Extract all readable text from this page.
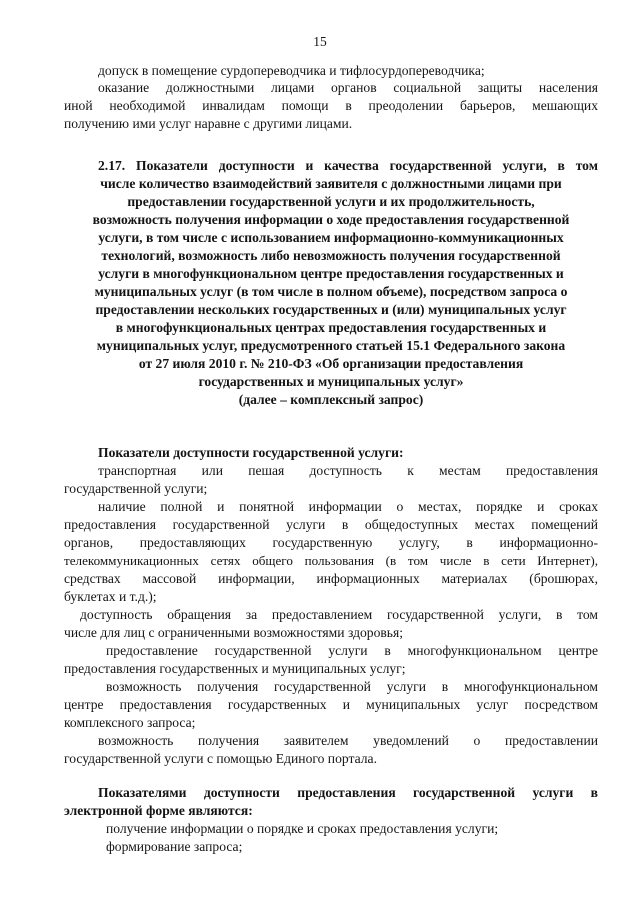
15
допуск в помещение сурдопереводчика и тифлосурдопереводчика;
оказание должностными лицами органов социальной защиты населения
иной необходимой инвалидам помощи в преодолении барьеров, мешающих
получению ими услуг наравне с другими лицами.
2.17. Показатели доступности и качества государственной услуги, в том
числе количество взаимодействий заявителя с должностными лицами при
предоставлении государственной услуги и их продолжительность,
возможность получения информации о ходе предоставления государственной
услуги, в том числе с использованием информационно-коммуникационных
технологий, возможность либо невозможность получения государственной
услуги в многофункциональном центре предоставления государственных и
муниципальных услуг (в том числе в полном объеме), посредством запроса о
предоставлении нескольких государственных и (или) муниципальных услуг
в многофункциональных центрах предоставления государственных и
муниципальных услуг, предусмотренного статьей 15.1 Федерального закона
от 27 июля 2010 г. № 210-ФЗ «Об организации предоставления
государственных и муниципальных услуг»
(далее – комплексный запрос)
Показатели доступности государственной услуги:
транспортная или пешая доступность к местам предоставления
государственной услуги;
наличие полной и понятной информации о местах, порядке и сроках
предоставления государственной услуги в общедоступных местах помещений
органов, предоставляющих государственную услугу, в информационно-
телекоммуникационных сетях общего пользования (в том числе в сети Интернет),
средствах массовой информации, информационных материалах (брошюрах,
буклетах и т.д.);
доступность обращения за предоставлением государственной услуги, в том
числе для лиц с ограниченными возможностями здоровья;
предоставление государственной услуги в многофункциональном центре
предоставления государственных и муниципальных услуг;
возможность получения государственной услуги в многофункциональном
центре предоставления государственных и муниципальных услуг посредством
комплексного запроса;
возможность получения заявителем уведомлений о предоставлении
государственной услуги с помощью Единого портала.
Показателями доступности предоставления государственной услуги в
электронной форме являются:
получение информации о порядке и сроках предоставления услуги;
формирование запроса;
